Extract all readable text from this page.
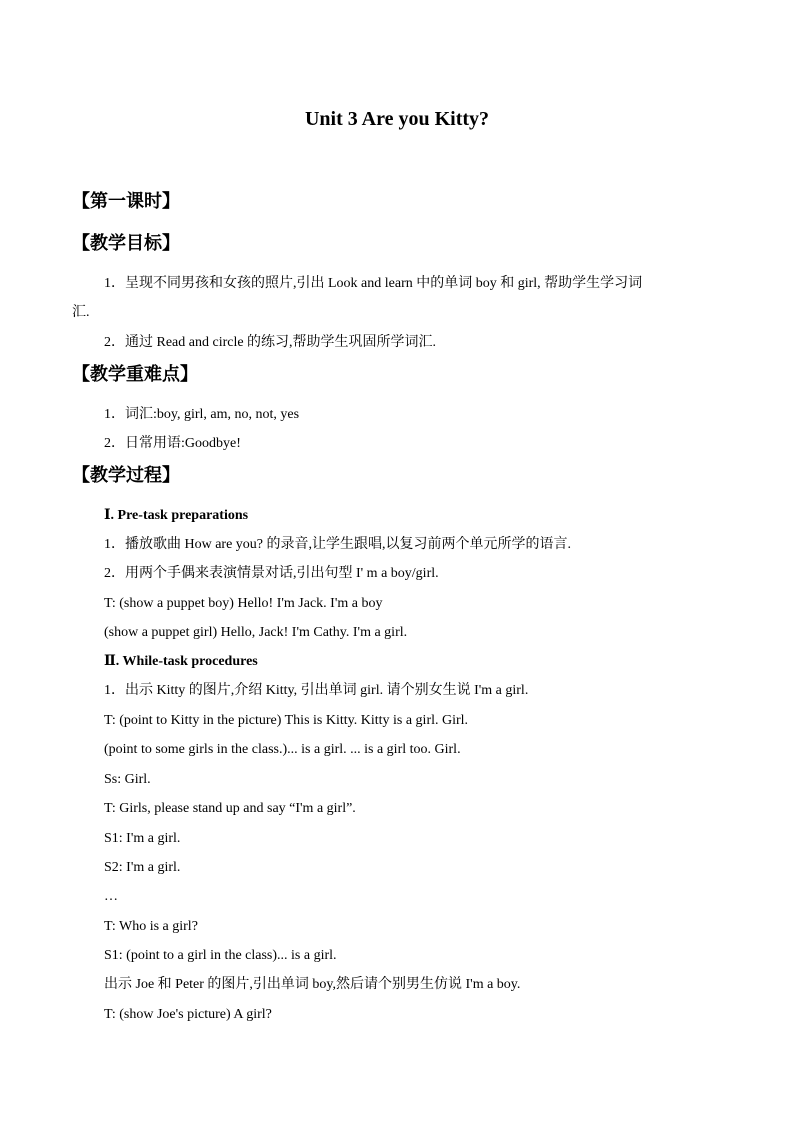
Unit 3 Are you Kitty?
【第一课时】
【教学目标】
1．呈现不同男孩和女孩的照片,引出 Look and learn 中的单词 boy 和 girl, 帮助学生学习词
汇.
2．通过 Read and circle 的练习,帮助学生巩固所学词汇.
【教学重难点】
1．词汇:boy, girl, am, no, not, yes
2．日常用语:Goodbye!
【教学过程】
Ⅰ. Pre-task preparations
1．播放歌曲 How are you? 的录音,让学生跟唱,以复习前两个单元所学的语言.
2．用两个手偶来表演情景对话,引出句型 I' m a boy/girl.
T: (show a puppet boy) Hello! I'm Jack. I'm a boy
(show a puppet girl) Hello, Jack! I'm Cathy. I'm a girl.
Ⅱ. While-task procedures
1．出示 Kitty 的图片,介绍 Kitty, 引出单词 girl. 请个别女生说 I'm a girl.
T: (point to Kitty in the picture) This is Kitty. Kitty is a girl. Girl.
(point to some girls in the class.)... is a girl. ... is a girl too. Girl.
Ss: Girl.
T: Girls, please stand up and say “I'm a girl”.
S1: I'm a girl.
S2: I'm a girl.
…
T: Who is a girl?
S1: (point to a girl in the class)... is a girl.
出示 Joe 和 Peter 的图片,引出单词 boy,然后请个别男生仿说 I'm a boy.
T: (show Joe's picture) A girl?
